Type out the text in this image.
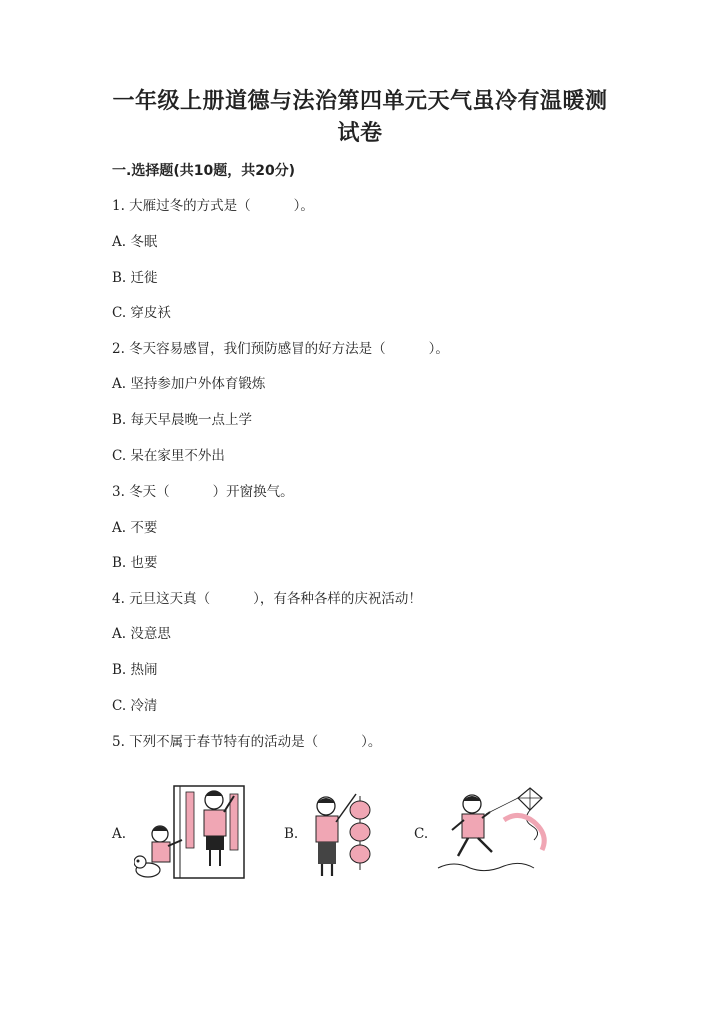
一年级上册道德与法治第四单元天气虽冷有温暖测
试卷
一.选择题(共10题，共20分)
1. 大雁过冬的方式是（          ）。
A. 冬眠
B. 迁徙
C. 穿皮袄
2. 冬天容易感冒，我们预防感冒的好方法是（          ）。
A. 坚持参加户外体育锻炼
B. 每天早晨晚一点上学
C. 呆在家里不外出
3. 冬天（          ）开窗换气。
A. 不要
B. 也要
4. 元旦这天真（          ），有各种各样的庆祝活动！
A. 没意思
B. 热闹
C. 冷清
5. 下列不属于春节特有的活动是（          ）。
A.	B.	C.
